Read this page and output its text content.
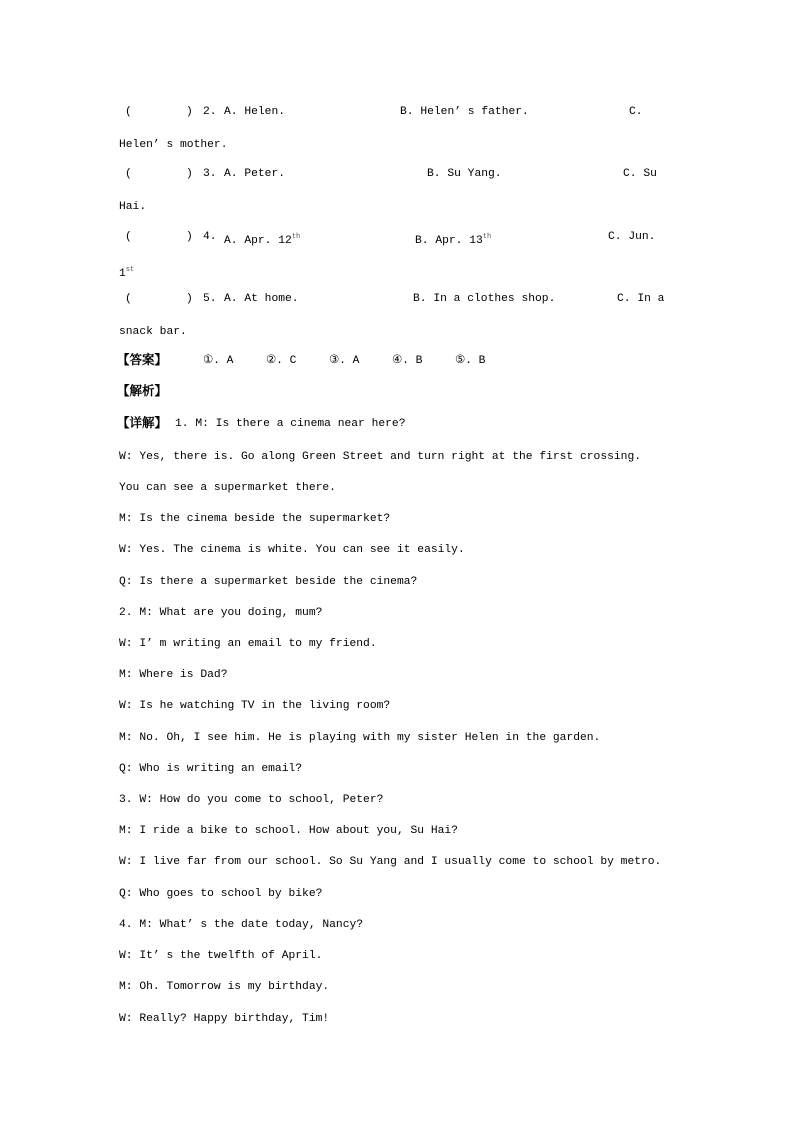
(        ) 2. A. Helen.	B. Helen’ s father.	C.
Helen’ s mother.
(        ) 3. A. Peter.	B. Su Yang.	C. Su
Hai.
(        ) 4. A. Apr. 12th	B. Apr. 13th	C. Jun.
1st
(        ) 5. A. At home.	B. In a clothes shop.	C. In a
snack bar.
【答案】	①. A	②. C	③. A	④. B	⑤. B
【解析】
【详解】 1. M: Is there a cinema near here?
W: Yes, there is. Go along Green Street and turn right at the first crossing.
You can see a supermarket there.
M: Is the cinema beside the supermarket?
W: Yes. The cinema is white. You can see it easily.
Q: Is there a supermarket beside the cinema?
2. M: What are you doing, mum?
W: I’ m writing an email to my friend.
M: Where is Dad?
W: Is he watching TV in the living room?
M: No. Oh, I see him. He is playing with my sister Helen in the garden.
Q: Who is writing an email?
3. W: How do you come to school, Peter?
M: I ride a bike to school. How about you, Su Hai?
W: I live far from our school. So Su Yang and I usually come to school by metro.
Q: Who goes to school by bike?
4. M: What’ s the date today, Nancy?
W: It’ s the twelfth of April.
M: Oh. Tomorrow is my birthday.
W: Really? Happy birthday, Tim!
